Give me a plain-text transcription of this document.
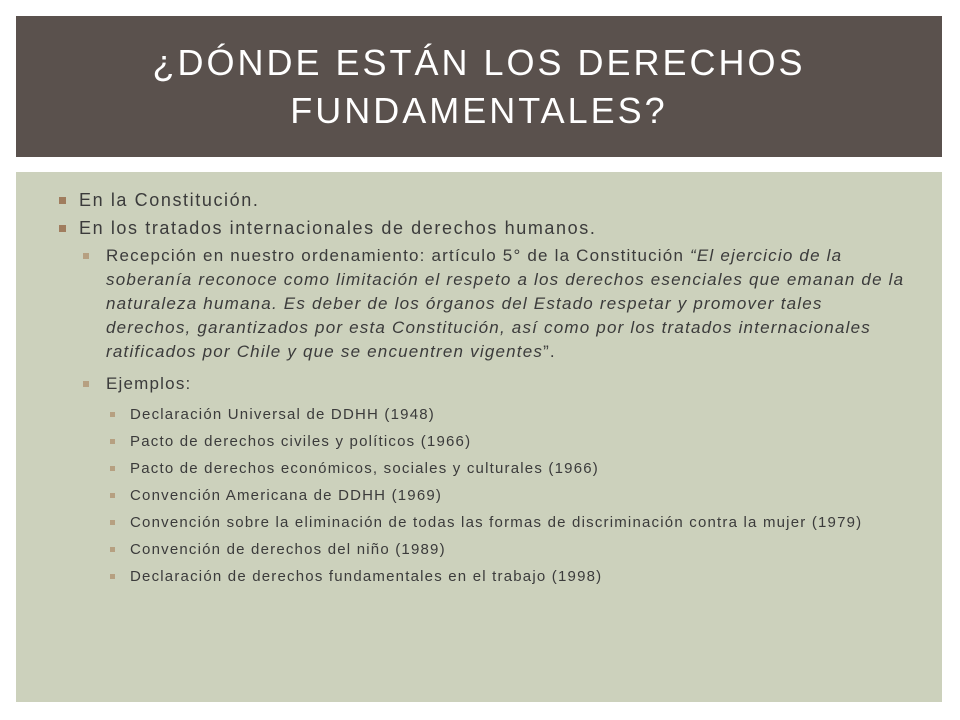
¿DÓNDE ESTÁN LOS DERECHOS FUNDAMENTALES?
En la Constitución.
En los tratados internacionales de derechos humanos.
Recepción en nuestro ordenamiento: artículo 5° de la Constitución “El ejercicio de la soberanía reconoce como limitación el respeto a los derechos esenciales que emanan de la naturaleza humana. Es deber de los órganos del Estado respetar y promover tales derechos, garantizados por esta Constitución, así como por los tratados internacionales ratificados por Chile y que se encuentren vigentes”.
Ejemplos:
Declaración Universal de DDHH (1948)
Pacto de derechos civiles y políticos (1966)
Pacto de derechos económicos, sociales y culturales (1966)
Convención Americana de DDHH (1969)
Convención sobre la eliminación de todas las formas de discriminación contra la mujer (1979)
Convención de derechos del niño (1989)
Declaración de derechos fundamentales en el trabajo (1998)
